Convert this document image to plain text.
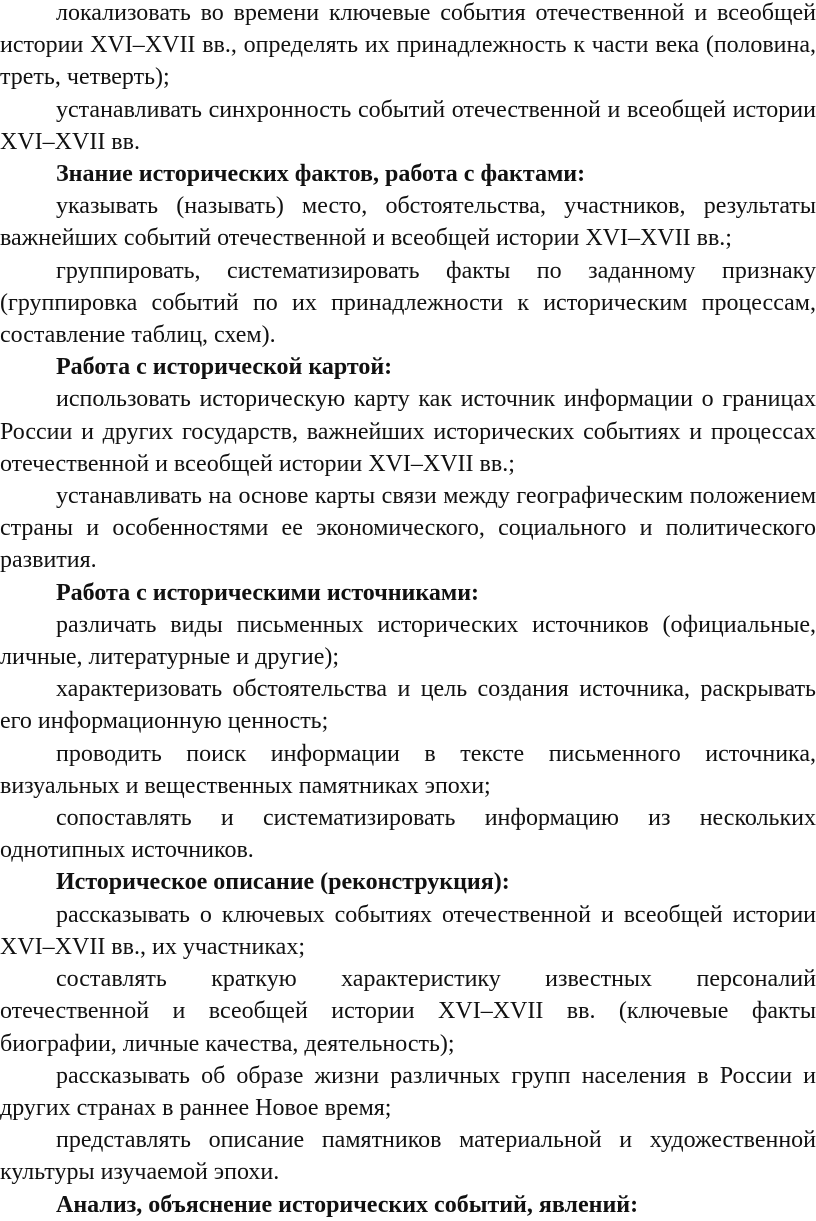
локализовать во времени ключевые события отечественной и всеобщей истории XVI–XVII вв., определять их принадлежность к части века (половина, треть, четверть);

устанавливать синхронность событий отечественной и всеобщей истории XVI–XVII вв.

Знание исторических фактов, работа с фактами:

указывать (называть) место, обстоятельства, участников, результаты важнейших событий отечественной и всеобщей истории XVI–XVII вв.;

группировать, систематизировать факты по заданному признаку (группировка событий по их принадлежности к историческим процессам, составление таблиц, схем).

Работа с исторической картой:

использовать историческую карту как источник информации о границах России и других государств, важнейших исторических событиях и процессах отечественной и всеобщей истории XVI–XVII вв.;

устанавливать на основе карты связи между географическим положением страны и особенностями ее экономического, социального и политического развития.

Работа с историческими источниками:

различать виды письменных исторических источников (официальные, личные, литературные и другие);

характеризовать обстоятельства и цель создания источника, раскрывать его информационную ценность;

проводить поиск информации в тексте письменного источника, визуальных и вещественных памятниках эпохи;

сопоставлять и систематизировать информацию из нескольких однотипных источников.

Историческое описание (реконструкция):

рассказывать о ключевых событиях отечественной и всеобщей истории XVI–XVII вв., их участниках;

составлять краткую характеристику известных персоналий отечественной и всеобщей истории XVI–XVII вв. (ключевые факты биографии, личные качества, деятельность);

рассказывать об образе жизни различных групп населения в России и других странах в раннее Новое время;

представлять описание памятников материальной и художественной культуры изучаемой эпохи.

Анализ, объяснение исторических событий, явлений:
